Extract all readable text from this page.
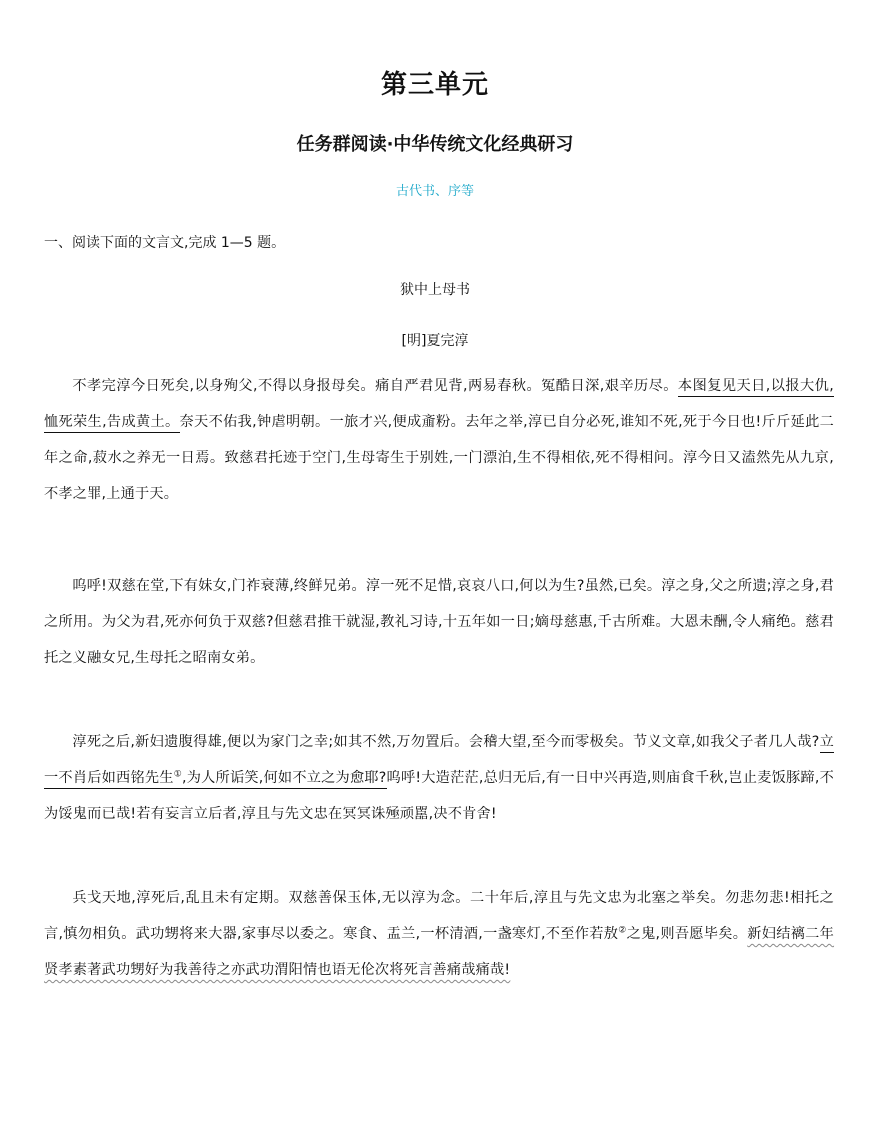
第三单元
任务群阅读·中华传统文化经典研习
古代书、序等
一、阅读下面的文言文,完成 1—5 题。
狱中上母书
[明]夏完淳
不孝完淳今日死矣,以身殉父,不得以身报母矣。痛自严君见背,两易春秋。冤酷日深,艰辛历尽。本图复见天日,以报大仇,恤死荣生,告成黄土。奈天不佑我,钟虐明朝。一旅才兴,便成齑粉。去年之举,淳已自分必死,谁知不死,死于今日也!斤斤延此二年之命,菽水之养无一日焉。致慈君托迹于空门,生母寄生于别姓,一门漂泊,生不得相依,死不得相问。淳今日又溘然先从九京,不孝之罪,上通于天。
呜呼!双慈在堂,下有妹女,门祚衰薄,终鲜兄弟。淳一死不足惜,哀哀八口,何以为生?虽然,已矣。淳之身,父之所遗;淳之身,君之所用。为父为君,死亦何负于双慈?但慈君推干就湿,教礼习诗,十五年如一日;嫡母慈惠,千古所难。大恩未酬,令人痛绝。慈君托之义融女兄,生母托之昭南女弟。
淳死之后,新妇遗腹得雄,便以为家门之幸;如其不然,万勿置后。会稽大望,至今而零极矣。节义文章,如我父子者几人哉?立一不肖后如西铭先生①,为人所诟笑,何如不立之为愈耶?呜呼!大造茫茫,总归无后,有一日中兴再造,则庙食千秋,岂止麦饭豚蹄,不为馁鬼而已哉!若有妄言立后者,淳且与先文忠在冥冥诛殛顽嚚,决不肯舍!
兵戈天地,淳死后,乱且未有定期。双慈善保玉体,无以淳为念。二十年后,淳且与先文忠为北塞之举矣。勿悲勿悲!相托之言,慎勿相负。武功甥将来大器,家事尽以委之。寒食、盂兰,一杯清酒,一盏寒灯,不至作若敖②之鬼,则吾愿毕矣。新妇结褵二年贤孝素著武功甥好为我善待之亦武功渭阳情也语无伦次将死言善痛哉痛哉!
